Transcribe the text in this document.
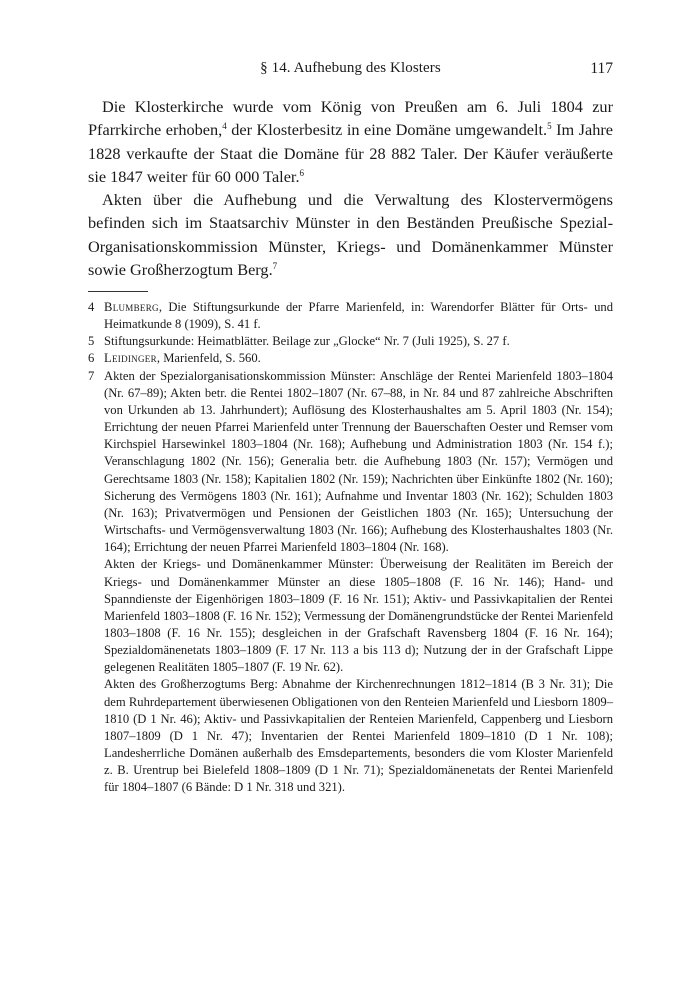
§ 14. Aufhebung des Klosters	117

Die Klosterkirche wurde vom König von Preußen am 6. Juli 1804 zur Pfarrkirche erhoben,$^4$ der Klosterbesitz in eine Domäne umgewandelt.$^5$ Im Jahre 1828 verkaufte der Staat die Domäne für 28 882 Taler. Der Käufer veräußerte sie 1847 weiter für 60 000 Taler.$^6$

Akten über die Aufhebung und die Verwaltung des Klostervermögens befinden sich im Staatsarchiv Münster in den Beständen Preußische Spezial-Organisationskommission Münster, Kriegs- und Domänenkammer Münster sowie Großherzogtum Berg.$^7$

4 Blumberg, Die Stiftungsurkunde der Pfarre Marienfeld, in: Warendorfer Blätter für Orts- und Heimatkunde 8 (1909), S. 41 f.
5 Stiftungsurkunde: Heimatblätter. Beilage zur „Glocke“ Nr. 7 (Juli 1925), S. 27 f.
6 Leidinger, Marienfeld, S. 560.
7 Akten der Spezialorganisationskommission Münster: Anschläge der Rentei Marienfeld 1803–1804 (Nr. 67–89); Akten betr. die Rentei 1802–1807 (Nr. 67–88, in Nr. 84 und 87 zahlreiche Abschriften von Urkunden ab 13. Jahrhundert); Auflösung des Klosterhaushaltes am 5. April 1803 (Nr. 154); Errichtung der neuen Pfarrei Marienfeld unter Trennung der Bauerschaften Oester und Remser vom Kirchspiel Harsewinkel 1803–1804 (Nr. 168); Aufhebung und Administration 1803 (Nr. 154 f.); Veranschlagung 1802 (Nr. 156); Generalia betr. die Aufhebung 1803 (Nr. 157); Vermögen und Gerechtsame 1803 (Nr. 158); Kapitalien 1802 (Nr. 159); Nachrichten über Einkünfte 1802 (Nr. 160); Sicherung des Vermögens 1803 (Nr. 161); Aufnahme und Inventar 1803 (Nr. 162); Schulden 1803 (Nr. 163); Privatvermögen und Pensionen der Geistlichen 1803 (Nr. 165); Untersuchung der Wirtschafts- und Vermögensverwaltung 1803 (Nr. 166); Aufhebung des Klosterhaushaltes 1803 (Nr. 164); Errichtung der neuen Pfarrei Marienfeld 1803–1804 (Nr. 168).

Akten der Kriegs- und Domänenkammer Münster: Überweisung der Realitäten im Bereich der Kriegs- und Domänenkammer Münster an diese 1805–1808 (F. 16 Nr. 146); Hand- und Spanndienste der Eigenhörigen 1803–1809 (F. 16 Nr. 151); Aktiv- und Passivkapitalien der Rentei Marienfeld 1803–1808 (F. 16 Nr. 152); Vermessung der Domänengrundstücke der Rentei Marienfeld 1803–1808 (F. 16 Nr. 155); desgleichen in der Grafschaft Ravensberg 1804 (F. 16 Nr. 164); Spezialdomänenetats 1803–1809 (F. 17 Nr. 113 a bis 113 d); Nutzung der in der Grafschaft Lippe gelegenen Realitäten 1805–1807 (F. 19 Nr. 62).

Akten des Großherzogtums Berg: Abnahme der Kirchenrechnungen 1812–1814 (B 3 Nr. 31); Die dem Ruhrdepartement überwiesenen Obligationen von den Renteien Marienfeld und Liesborn 1809–1810 (D 1 Nr. 46); Aktiv- und Passivkapitalien der Renteien Marienfeld, Cappenberg und Liesborn 1807–1809 (D 1 Nr. 47); Inventarien der Rentei Marienfeld 1809–1810 (D 1 Nr. 108); Landesherrliche Domänen außerhalb des Emsdepartements, besonders die vom Kloster Marienfeld z. B. Urentrup bei Bielefeld 1808–1809 (D 1 Nr. 71); Spezialdomänenetats der Rentei Marienfeld für 1804–1807 (6 Bände: D 1 Nr. 318 und 321).
